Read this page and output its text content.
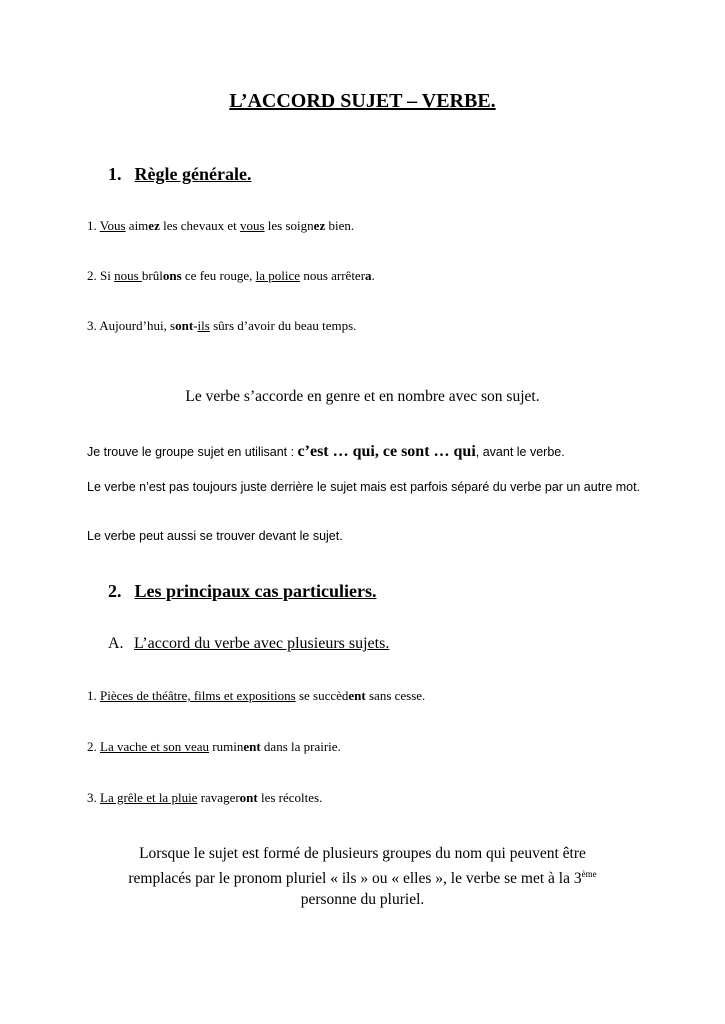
L’ACCORD SUJET – VERBE.
1. Règle générale.
1. Vous aimez les chevaux et vous les soignez bien.
2. Si nous brûlons ce feu rouge, la police nous arrêtera.
3. Aujourd’hui, sont-ils sûrs d’avoir du beau temps.
Le verbe s’accorde en genre et en nombre avec son sujet.
Je trouve le groupe sujet en utilisant : c’est … qui, ce sont … qui, avant le verbe.
Le verbe n’est pas toujours juste derrière le sujet mais est parfois séparé du verbe par un autre mot.
Le verbe peut aussi se trouver devant le sujet.
2. Les principaux cas particuliers.
A. L’accord du verbe avec plusieurs sujets.
1. Pièces de théâtre, films et expositions se succèdent sans cesse.
2. La vache et son veau ruminent dans la prairie.
3. La grêle et la pluie ravageront les récoltes.
Lorsque le sujet est formé de plusieurs groupes du nom qui peuvent être
remplacés par le pronom pluriel « ils » ou « elles », le verbe se met à la 3ème
personne du pluriel.
